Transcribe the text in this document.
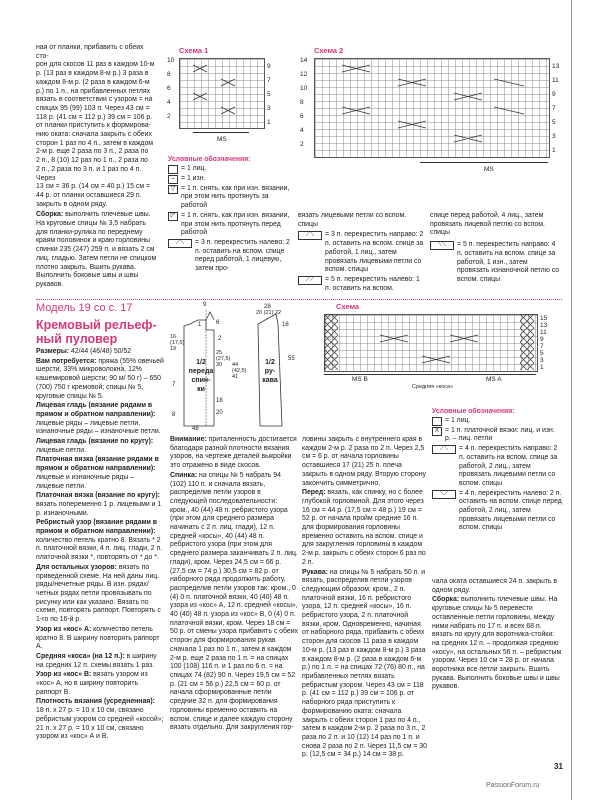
ная от планки, прибавить с обеих сто-

рон для скосов 11 раз в каждом 10-м

р. (13 раз в каждом 8-м р.) 3 раза в

каждом 8-м р. (2 раза в каждом 6-м

р.) по 1 п., на прибавленных петлях

вязать в соответствии с узором = на

спицах 95 (99) 103 п. Через 43 см =

118 р. (41 см = 112 р.) 39 см = 106 р.

от планки приступить к формирова-

нию оката: сначала закрыть с обеих

сторон 1 раз по 4 п., затем в каждом

2-м р. еще 2 раза по 3 п., 2 раза по

2 п., 8 (10) 12 раз по 1 п., 2 раза по

2 п., 2 раза по 3 п. и 1 раз по 4 п. Через

13 см = 36 р. (14 см = 40 р.) 15 см =

44 р. от планки оставшиеся 29 п.

закрыть в одном ряду.

Сборка: выполнить плечевые швы. На круговые спицы № 3,5 набрать для планки-рулика по переднему краям половинок и краю горловины спинки 235 (247) 259 п. и вязать 2 см лиц. гладью. Затем петли не спицком плотно закрыть. Вшить рукава. Выполнить боковые швы и швы рукавов.

Схема 1
9
7
5
3
1
10
8
6
4
2
MS
Схема 2
13
11
9
7
5
3
1
14
12
10
8
6
4
2
MS

Условные обозначения:

= 1 лиц.
– = 1 изн.
▽ = 1 п. снять, как при изн. вязании, при этом нить протянуть за работой
◸ = 1 п. снять, как при изн. вязании, при этом нить протянуть перед работой
⟋⟍	= 3 п. перекрестить налево: 2 п. оставить на вспом. спице перед работой, 1 лицевую, затем про-

вязать лицевыми петли со вспом. спицы

⟋⟍	= 3 п. перекрестить направо: 2 п. оставить на вспом. спице за работой, 1 лиц., затем провязать лицевыми петли со вспом. спицы
⟋⟋	= 5 п. перекрестить налево: 1 п. оставить на вспом.

спице перед работой, 4 лиц., затем провязать лицевой петлю со вспом. спицы

⟍⟍	= 5 п. перекрестить направо: 4 п. оставить на вспом. спице за работой, 1 изн., затем провязать изнаночной петлю со вспом. спицы
Модель 19 со с. 17
Кремовый рельеф-
ный пуловер

Размеры: 42/44 (46/48) 50/52

Вам потребуется: пряжа (55% овечьей шерсти, 33% микроволокна, 12% кашемировой шерсти; 90 м/ 50 г) – 650 (700) 750 г кремовой; спицы № 5; круговые спицы № 5.

Лицевая гладь (вязание рядами в прямом и обратном направлении): лицевые ряды – лицевые петли, изнаночные ряды – изнаночные петли.

Лицевая гладь (вязание по кругу): лицевые петли.

Платочная вязка (вязание рядами в прямом и обратном направлении): лицевые и изнаночные ряды – лицевые петли.

Платочная вязка (вязание по кругу): вязать попеременно 1 р. лицевыми и 1 р. изнаночными.

Ребристый узор (вязание рядами в прямом и обратном направлении): количество петель кратно 8. Вязать * 2 п. платочной вязки, 4 п. лиц. глади, 2 п. платочной вязки *, повторять от * до *.

Для остальных узоров: вязать по приведенной схеме. На ней даны лиц. ряды/нечетные ряды. В изн. рядах/ четных рядах петли провязывать по рисунку или как указано. Вязать по схеме, повторять раппорт. Повторять с 1-го по 16-й р.

Узор из «кос» A: количество петель кратно 8. В ширину повторять раппорт А.

Средняя «коса» (на 12 п.): в ширину на средних 12 п. схемы вязать 1 раз.

Узор из «кос» B: вязать узором из «кос» А, но в ширину повторить раппорт В.

Плотность вязания (усредненная): 18 п. x 27 р. = 10 x 10 см, связано ребристым узором со средней «косой»; 21 п. x 27 р. = 10 x 10 см, связано узором из «кос» А и В.

1/2 переда спин-ки
1/2 ру-кава
9
16 (17,5) 19
1 6
20 (21) 22
55
25 (27,5) 30	44 (42,5) 41
2
16
28
48
18
20
7
8

Внимание: приталенность достигается благодаря разной плотности вязания узоров, на чертеже деталей выкройки это отражено в виде скосов.

Спинка: на спицы № 5 набрать 94 (102) 110 п. и сначала вязать, распределив петли узоров в следующей последовательности: кром., 40 (44) 48 п. ребристого узора (при этом для среднего размера начинать с 2 п. лиц. глади), 12 п. средней «косы», 40 (44) 48 п. ребристого узора (при этом для среднего размера заканчивать 2 п. лиц. глади), кром. Через 24,5 см = 66 р. (27,5 см = 74 р.) 30,5 см = 82 р. от наборного ряда продолжить работу, распределив петли узоров так: кром., 0 (4) 0 п. платочной вязки, 40 (40) 48 п. узора из «кос» А, 12 п. средней «косы», 40 (40) 48 п. узора из «кос» В, 0 (4) 0 п. платочной вязки, кром. Через 18 см = 50 р. от смены узора прибавить с обеих сторон для формирования рукав сначала 1 раз по 1 п., затем в каждом 2-м р. еще 2 раза по 1 п. = на спицах 100 (108) 116 п. и 1 раз по 6 п. = на спицах 74 (82) 90 п. Через 19,5 см = 52 р. (21 см = 56 р.) 22,5 см = 60 р. от начала сформированные петли средние 32 п. для формирования горловины временно оставить на вспом. спице и далее каждую сторону вязать отдельно. Для закругления гор-

ловины закрыть с внутреннего края в каждом 2-м р. 2 раза по 2 п. Через 2,5 см = 6 р. от начала горловины оставшиеся 17 (21) 25 п. плеча закрыть в одном ряду. Вторую сторону закончить симметрично.

Перед: вязать, как спинку, но с более глубокой горловиной. Для этого через 16 см = 44 р. (17,5 см = 48 р.) 19 см = 52 р. от начала пройм средние 16 п. для формирования горловины временно оставить на вспом. спице и для закругления горловины в каждом 2-м р. закрыть с обеих сторон 6 раз по 2 п.

Рукава: на спицы № 5 набрать 50 п. и вязать, распределив петли узоров следующим образом: кром., 2 п. платочной вязки, 16 п. ребристого узора, 12 п. средней «косы», 16 п. ребристого узора, 2 п. платочной вязки, кром. Одновременно, начиная от наборного ряда, прибавить с обеих сторон для скосов 11 раза в каждом 10-м р. (13 раз в каждом 8-м р.) 3 раза в каждом 8-м р. (2 раза в каждом 6-м р.) по 1 п. = на спицах 72 (76) 80 п., на прибавленных петлях вязать ребристым узором. Через 43 см = 118 р. (41 см = 112 р.) 39 см = 106 р. от наборного ряда приступить к формированию оката: сначала закрыть с обеих сторон 1 раз по 4 п., затем в каждом 2-м р. 2 раза по 3 п., 2 раза по 2 п. и 10 (12) 14 раз по 1 п. и снова 2 раза по 2 п. Через 11,5 см = 30 р. (12,5 см = 34 р.) 14 см = 38 р.

Схема
15
13
11
9
7
5
3
1
MS B	MS A
Средняя «коса»

Условные обозначения:

= 1 лиц.
X = 1 п. платочной вязки: лиц. и изн. р. – лиц. петли
⟋⟍	= 4 п. перекрестить направо: 2 п. оставить на вспом. спице за работой, 2 лиц., затем провязать лицевыми петли со вспом. спицы
⟍⟋	= 4 п. перекрестить налево: 2 п. оставить на вспом. спице перед работой, 2 лиц., затем провязать лицевыми петли со вспом. спицы

чала оката оставшиеся 24 п. закрыть в одном ряду.

Сборка: выполнить плечевые швы. На круговые спицы № 5 перевести оставленные петли горловины, между ними набрать по 17 п. и всех 68 п. вязать по кругу для воротника-стойки: на средних 12 п. – продолжая среднюю «косу», на остальных 56 п. – ребристым узором. Через 10 см = 28 р. от начала воротника все петли закрыть. Вшить рукава. Выполнить боковые швы и швы рукавов.

31
PassionForum.ru
